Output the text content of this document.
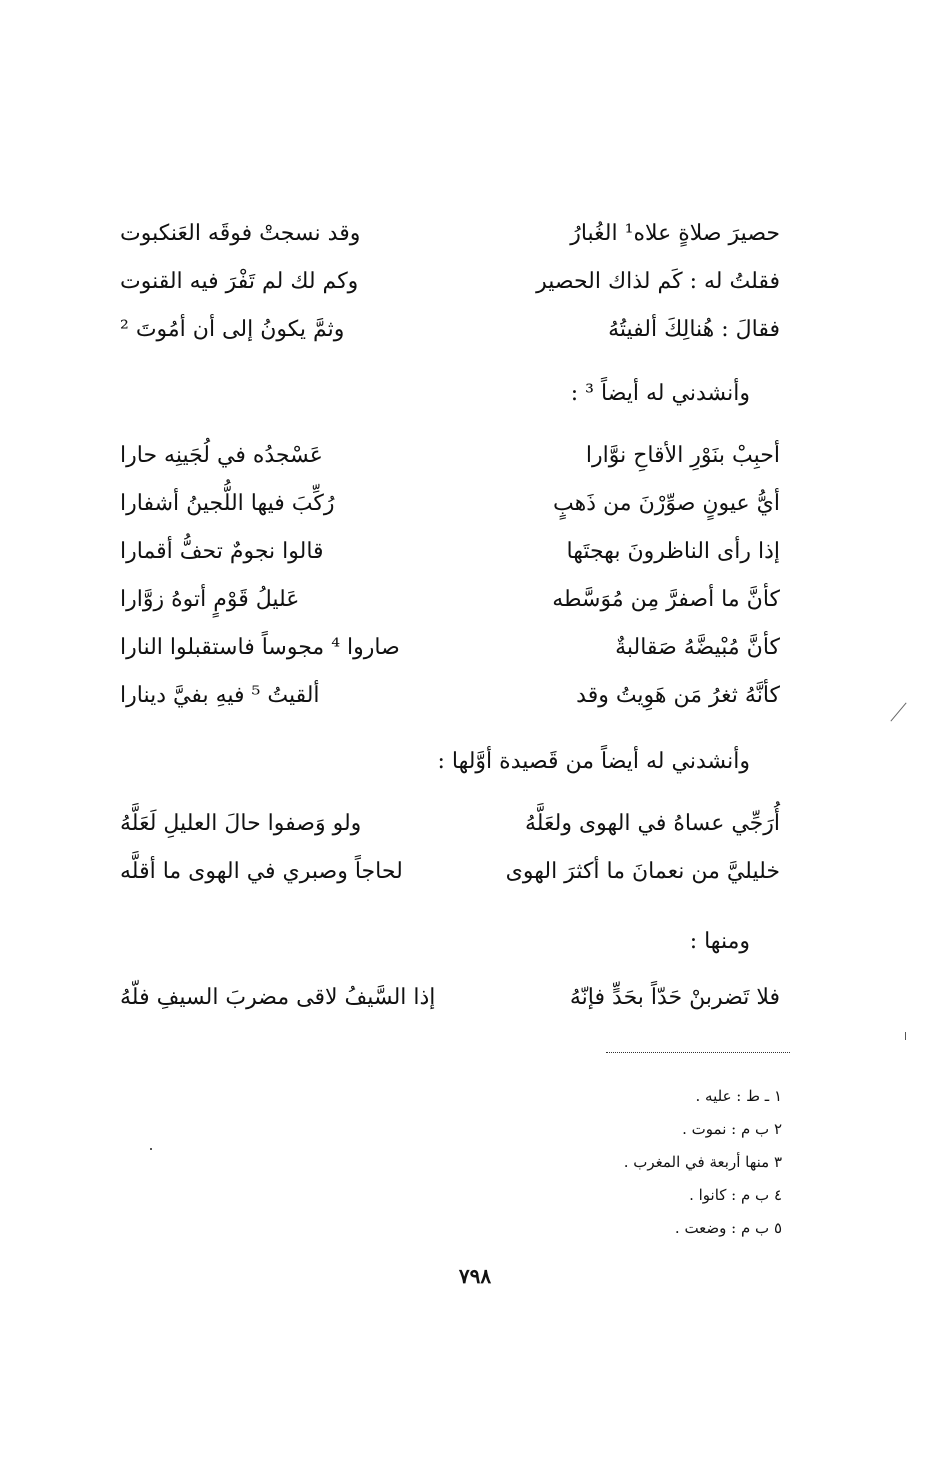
حصيرَ صلاةٍ علاه¹ الغُبارُ
وقد نسجتْ فوقَه العَنكبوت
فقلتُ له : كَم لذاك الحصير
وكم لك لم تَفْرَ فيه القنوت
فقالَ : هُنالِكَ ألفيتُهُ
وثمَّ يكونُ إلى أن أمُوتَ ²
وأنشدني له أيضاً ³ :
أحبِبْ بنَوْرِ الأقاحِ نوَّارا
عَسْجدُه في لُجَينِه حارا
أيُّ عيونٍ صوِّرْنَ من ذَهبٍ
رُكِّبَ فيها اللُّجينُ أشفارا
إذا رأى الناظرونَ بهجتَها
قالوا نجومٌ تحفُّ أقمارا
كأنَّ ما أصفرَّ مِن مُوَسَّطه
عَليلُ قَوْمٍ أتوهُ زوَّارا
كأنَّ مُبْيضَّهُ صَقالبةٌ
صاروا ⁴ مجوساً فاستقبلوا النارا
كأنَّهُ ثغرُ مَن هَوِيتُ وقد
ألقيتُ ⁵ فيهِ بفيَّ دينارا
وأنشدني له أيضاً من قَصيدة أوَّلها :
أُرَجِّي عساهُ في الهوى ولعَلَّهُ
ولو وَصفوا حالَ العليلِ لَعَلَّهُ
خليليَّ من نعمانَ ما أكثرَ الهوى
لحاجاً وصبري في الهوى ما أقلَّه
ومنها :
فلا تَضربنْ حَدّاً بحَدٍّ فإنّهُ
إذا السَّيفُ لاقى مضربَ السيفِ فلّهُ
١ ـ ط : عليه .
٢ ب م : نموت .
٣ منها أربعة في المغرب .
٤ ب م : كانوا .
٥ ب م : وضعت .
٧٩٨
